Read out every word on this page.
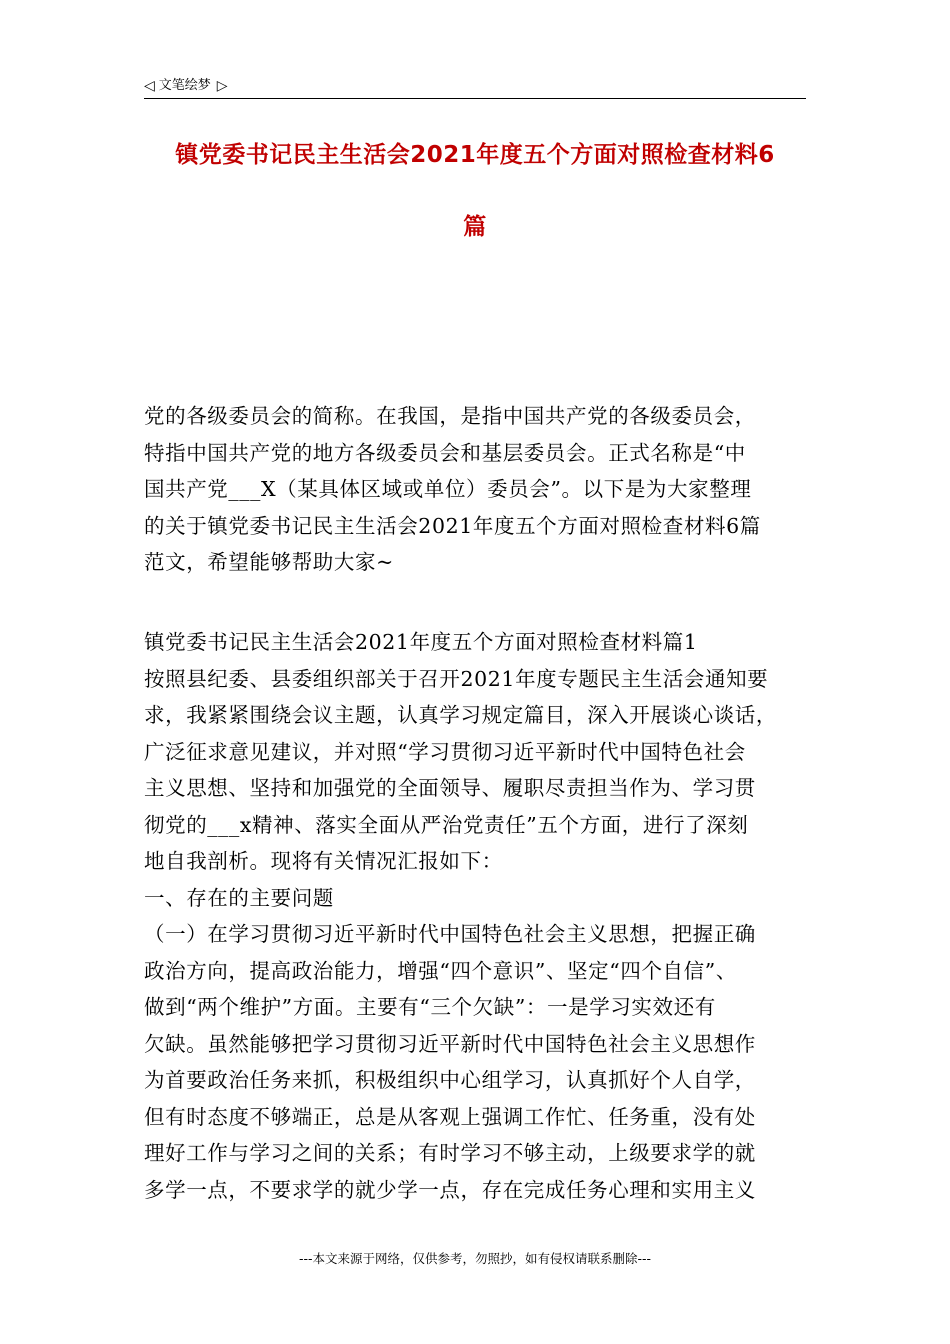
◁ 文笔绘梦 ▷
镇党委书记民主生活会2021年度五个方面对照检查材料6
篇
党的各级委员会的简称。在我国，是指中国共产党的各级委员会，
特指中国共产党的地方各级委员会和基层委员会。正式名称是“中
国共产党___X（某具体区域或单位）委员会”。以下是为大家整理
的关于镇党委书记民主生活会2021年度五个方面对照检查材料6篇
范文，希望能够帮助大家~
镇党委书记民主生活会2021年度五个方面对照检查材料篇1
按照县纪委、县委组织部关于召开2021年度专题民主生活会通知要
求，我紧紧围绕会议主题，认真学习规定篇目，深入开展谈心谈话，
广泛征求意见建议，并对照“学习贯彻习近平新时代中国特色社会
主义思想、坚持和加强党的全面领导、履职尽责担当作为、学习贯
彻党的___x精神、落实全面从严治党责任”五个方面，进行了深刻
地自我剖析。现将有关情况汇报如下：
一、存在的主要问题
（一）在学习贯彻习近平新时代中国特色社会主义思想，把握正确
政治方向，提高政治能力，增强“四个意识”、坚定“四个自信”、
做到“两个维护”方面。主要有“三个欠缺”：一是学习实效还有
欠缺。虽然能够把学习贯彻习近平新时代中国特色社会主义思想作
为首要政治任务来抓，积极组织中心组学习，认真抓好个人自学，
但有时态度不够端正，总是从客观上强调工作忙、任务重，没有处
理好工作与学习之间的关系；有时学习不够主动，上级要求学的就
多学一点，不要求学的就少学一点，存在完成任务心理和实用主义
---本文来源于网络，仅供参考，勿照抄，如有侵权请联系删除---
